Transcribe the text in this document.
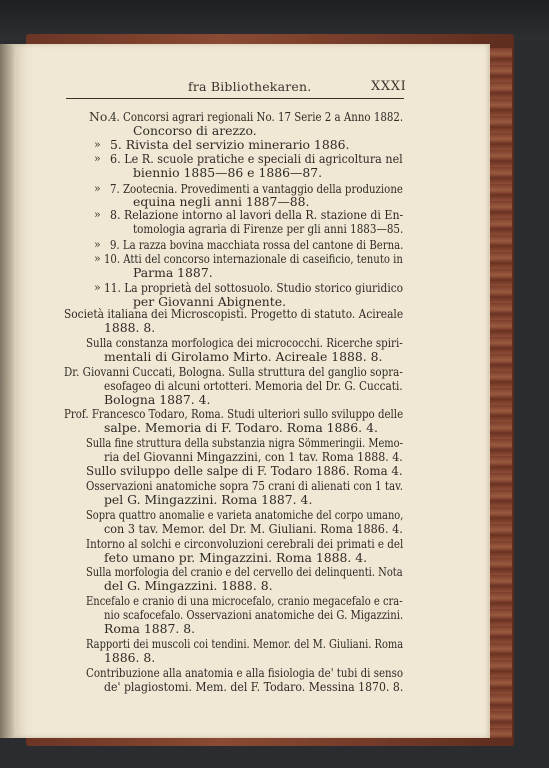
fra Bibliothekaren.	XXXI
No.
»
»
»
»
»
»
»
4. Concorsi agrari regionali No. 17 Serie 2 a Anno 1882.
Concorso di arezzo.
5. Rivista del servizio minerario 1886.
6. Le R. scuole pratiche e speciali di agricoltura nel
biennio 1885—86 e 1886—87.
7. Zootecnia. Provedimenti a vantaggio della produzione
equina negli anni 1887—88.
8. Relazione intorno al lavori della R. stazione di En-
tomologia agraria di Firenze per gli anni 1883—85.
9. La razza bovina macchiata rossa del cantone di Berna.
10. Atti del concorso internazionale di caseificio, tenuto in
Parma 1887.
11. La proprietà del sottosuolo. Studio storico giuridico
per Giovanni Abignente.
Società italiana dei Microscopisti. Progetto di statuto. Acireale
1888. 8.
Sulla constanza morfologica dei micrococchi. Ricerche spiri-
mentali di Girolamo Mirto. Acireale 1888. 8.
Dr. Giovanni Cuccati, Bologna. Sulla struttura del ganglio sopra-
esofageo di alcuni ortotteri. Memoria del Dr. G. Cuccati.
Bologna 1887. 4.
Prof. Francesco Todaro, Roma. Studi ulteriori sullo sviluppo delle
salpe. Memoria di F. Todaro. Roma 1886. 4.
Sulla fine struttura della substanzia nigra Sömmeringii. Memo-
ria del Giovanni Mingazzini, con 1 tav. Roma 1888. 4.
Sullo sviluppo delle salpe di F. Todaro 1886. Roma 4.
Osservazioni anatomiche sopra 75 crani di alienati con 1 tav.
pel G. Mingazzini. Roma 1887. 4.
Sopra quattro anomalie e varieta anatomiche del corpo umano,
con 3 tav. Memor. del Dr. M. Giuliani. Roma 1886. 4.
Intorno al solchi e circonvoluzioni cerebrali dei primati e del
feto umano pr. Mingazzini. Roma 1888. 4.
Sulla morfologia del cranio e del cervello dei delinquenti. Nota
del G. Mingazzini. 1888. 8.
Encefalo e cranio di una microcefalo, cranio megacefalo e cra-
nio scafocefalo. Osservazioni anatomiche dei G. Migazzini.
Roma 1887. 8.
Rapporti dei muscoli coi tendini. Memor. del M. Giuliani. Roma
1886. 8.
Contribuzione alla anatomia e alla fisiologia de' tubi di senso
de' plagiostomi. Mem. del F. Todaro. Messina 1870. 8.
